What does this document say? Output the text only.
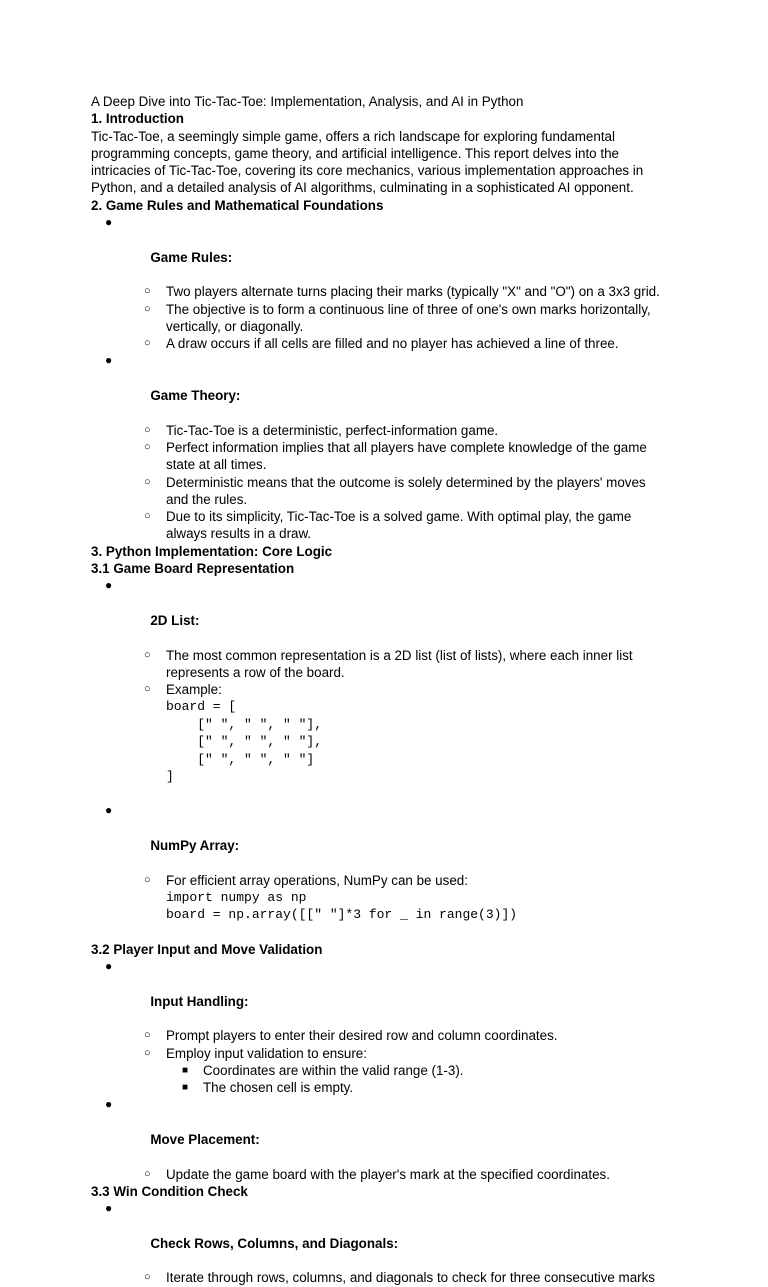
A Deep Dive into Tic-Tac-Toe: Implementation, Analysis, and AI in Python
1. Introduction
Tic-Tac-Toe, a seemingly simple game, offers a rich landscape for exploring fundamental
programming concepts, game theory, and artificial intelligence. This report delves into the
intricacies of Tic-Tac-Toe, covering its core mechanics, various implementation approaches in
Python, and a detailed analysis of AI algorithms, culminating in a sophisticated AI opponent.
2. Game Rules and Mathematical Foundations

●

Game Rules:

○ Two players alternate turns placing their marks (typically "X" and "O") on a 3x3 grid.
○ The objective is to form a continuous line of three of one's own marks horizontally,
vertically, or diagonally.
○ A draw occurs if all cells are filled and no player has achieved a line of three.

●

Game Theory:

○ Tic-Tac-Toe is a deterministic, perfect-information game.
○ Perfect information implies that all players have complete knowledge of the game
state at all times.
○ Deterministic means that the outcome is solely determined by the players' moves
and the rules.
○ Due to its simplicity, Tic-Tac-Toe is a solved game. With optimal play, the game
always results in a draw.
3. Python Implementation: Core Logic
3.1 Game Board Representation

●

2D List:

○ The most common representation is a 2D list (list of lists), where each inner list
represents a row of the board.
○ Example:
board = [
[" ", " ", " "],
[" ", " ", " "],
[" ", " ", " "]
]

●

NumPy Array:

○ For efficient array operations, NumPy can be used:
import numpy as np
board = np.array([[" "]*3 for _ in range(3)])
3.2 Player Input and Move Validation

●

Input Handling:

○ Prompt players to enter their desired row and column coordinates.
○ Employ input validation to ensure:
■ Coordinates are within the valid range (1-3).
■ The chosen cell is empty.

●

Move Placement:

○ Update the game board with the player's mark at the specified coordinates.
3.3 Win Condition Check

●

Check Rows, Columns, and Diagonals:

○ Iterate through rows, columns, and diagonals to check for three consecutive marks
